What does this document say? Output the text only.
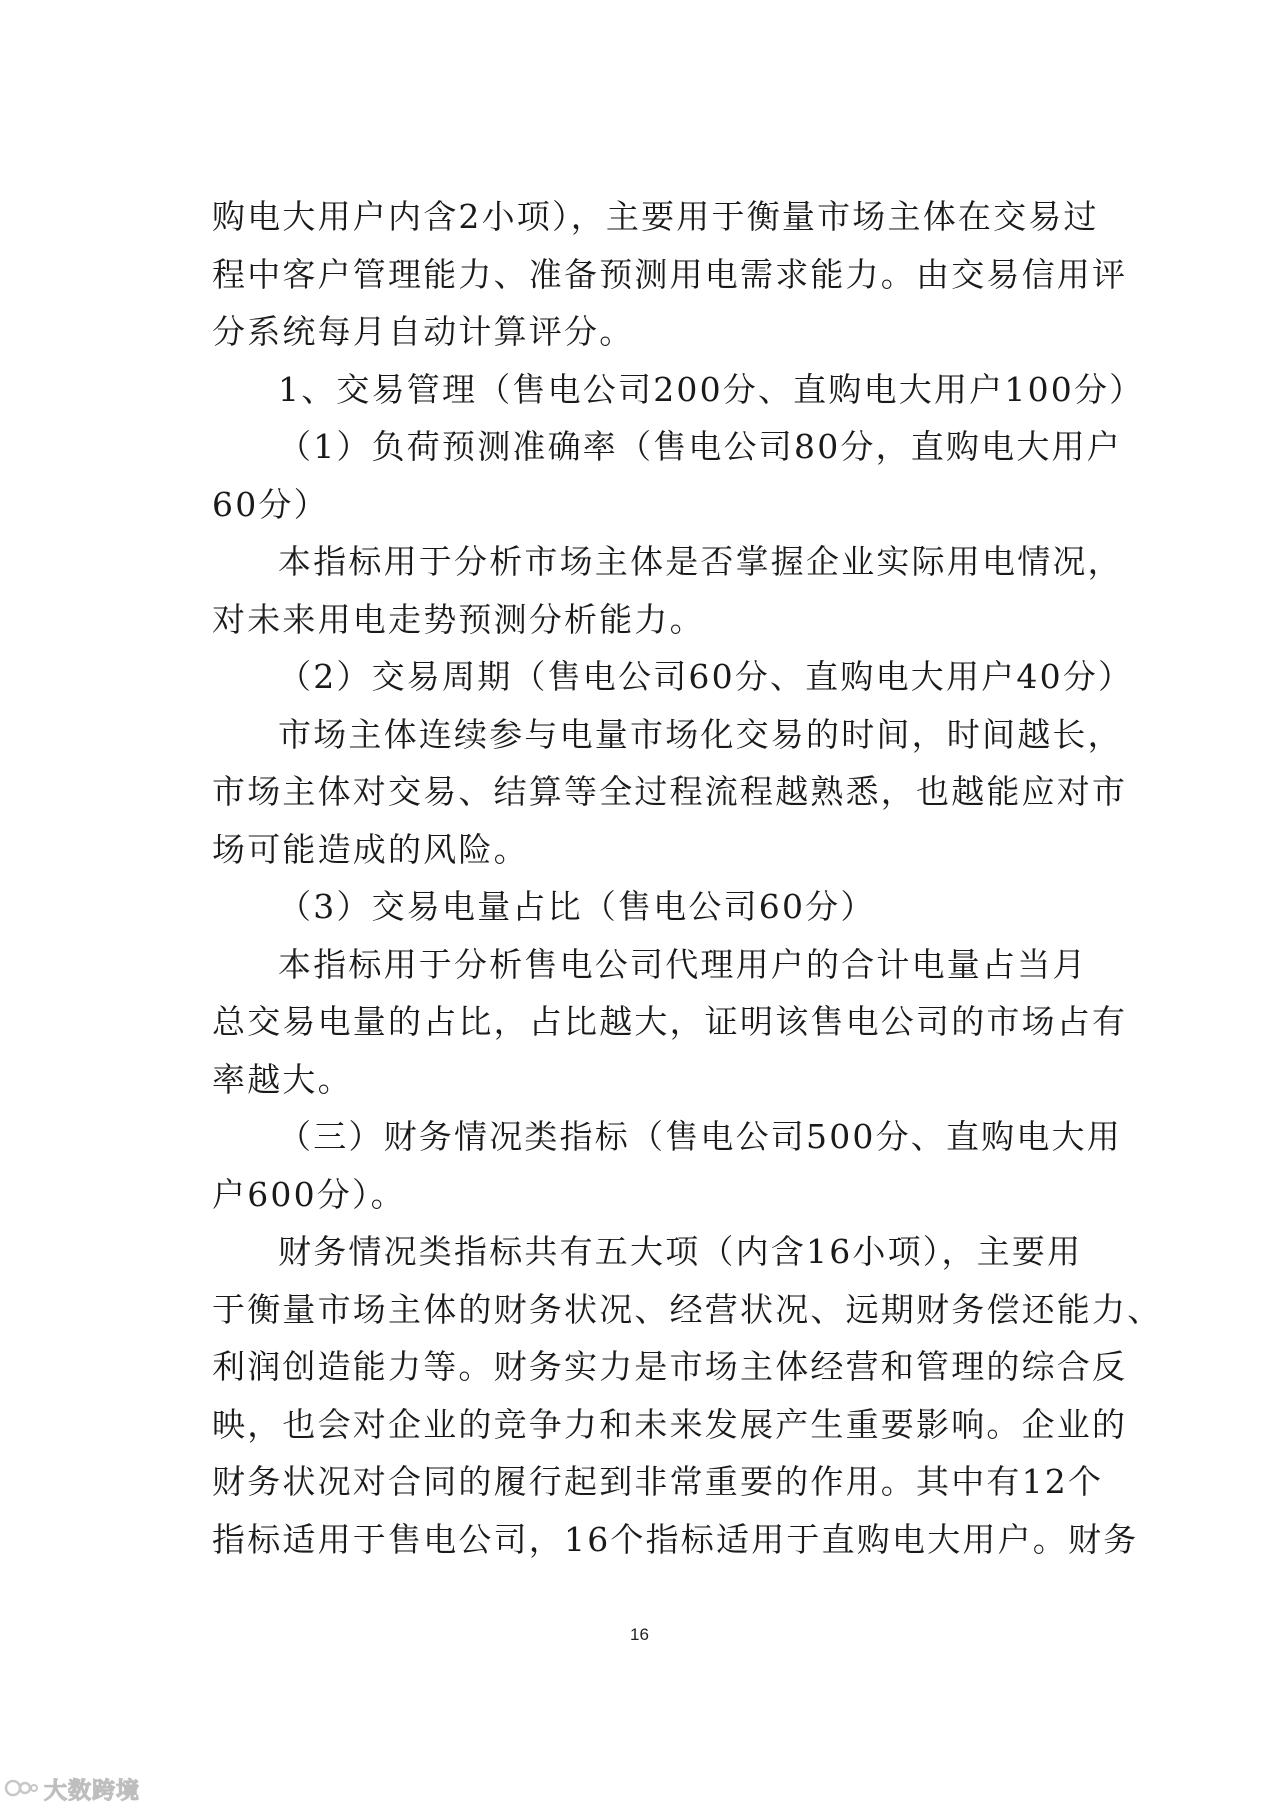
购电大用户内含2小项），主要用于衡量市场主体在交易过
程中客户管理能力、准备预测用电需求能力。由交易信用评
分系统每月自动计算评分。
1、交易管理（售电公司200分、直购电大用户100分）
（1）负荷预测准确率（售电公司80分，直购电大用户
60分）
本指标用于分析市场主体是否掌握企业实际用电情况，
对未来用电走势预测分析能力。
（2）交易周期（售电公司60分、直购电大用户40分）
市场主体连续参与电量市场化交易的时间，时间越长，
市场主体对交易、结算等全过程流程越熟悉，也越能应对市
场可能造成的风险。
（3）交易电量占比（售电公司60分）
本指标用于分析售电公司代理用户的合计电量占当月
总交易电量的占比，占比越大，证明该售电公司的市场占有
率越大。
（三）财务情况类指标（售电公司500分、直购电大用
户600分）。
财务情况类指标共有五大项（内含16小项），主要用
于衡量市场主体的财务状况、经营状况、远期财务偿还能力、
利润创造能力等。财务实力是市场主体经营和管理的综合反
映，也会对企业的竞争力和未来发展产生重要影响。企业的
财务状况对合同的履行起到非常重要的作用。其中有12个
指标适用于售电公司，16个指标适用于直购电大用户。财务
16
大数跨境
